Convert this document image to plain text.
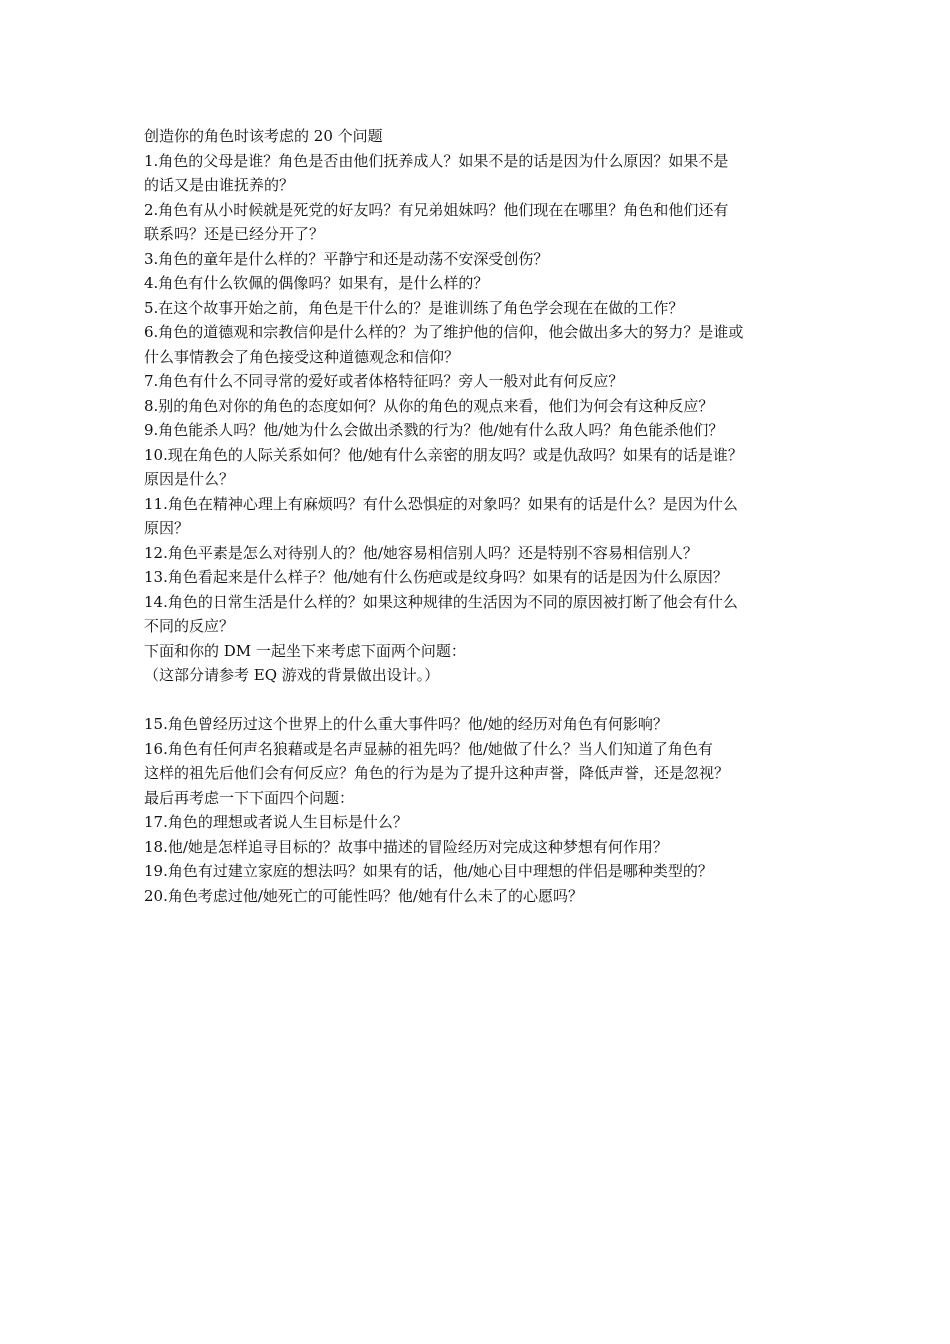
创造你的角色时该考虑的 20 个问题
1.角色的父母是谁？角色是否由他们抚养成人？如果不是的话是因为什么原因？如果不是
的话又是由谁抚养的？
2.角色有从小时候就是死党的好友吗？有兄弟姐妹吗？他们现在在哪里？角色和他们还有
联系吗？还是已经分开了？
3.角色的童年是什么样的？平静宁和还是动荡不安深受创伤？
4.角色有什么钦佩的偶像吗？如果有，是什么样的？
5.在这个故事开始之前，角色是干什么的？是谁训练了角色学会现在在做的工作？
6.角色的道德观和宗教信仰是什么样的？为了维护他的信仰，他会做出多大的努力？是谁或
什么事情教会了角色接受这种道德观念和信仰？
7.角色有什么不同寻常的爱好或者体格特征吗？旁人一般对此有何反应？
8.别的角色对你的角色的态度如何？从你的角色的观点来看，他们为何会有这种反应？
9.角色能杀人吗？他/她为什么会做出杀戮的行为？他/她有什么敌人吗？角色能杀他们？
10.现在角色的人际关系如何？他/她有什么亲密的朋友吗？或是仇敌吗？如果有的话是谁？
原因是什么？
11.角色在精神心理上有麻烦吗？有什么恐惧症的对象吗？如果有的话是什么？是因为什么
原因？
12.角色平素是怎么对待别人的？他/她容易相信别人吗？还是特别不容易相信别人？
13.角色看起来是什么样子？他/她有什么伤疤或是纹身吗？如果有的话是因为什么原因？
14.角色的日常生活是什么样的？如果这种规律的生活因为不同的原因被打断了他会有什么
不同的反应？
下面和你的 DM 一起坐下来考虑下面两个问题：
（这部分请参考 EQ 游戏的背景做出设计。）
15.角色曾经历过这个世界上的什么重大事件吗？他/她的经历对角色有何影响？
16.角色有任何声名狼藉或是名声显赫的祖先吗？他/她做了什么？当人们知道了角色有
这样的祖先后他们会有何反应？角色的行为是为了提升这种声誉，降低声誉，还是忽视？
最后再考虑一下下面四个问题：
17.角色的理想或者说人生目标是什么？
18.他/她是怎样追寻目标的？故事中描述的冒险经历对完成这种梦想有何作用？
19.角色有过建立家庭的想法吗？如果有的话，他/她心目中理想的伴侣是哪种类型的？
20.角色考虑过他/她死亡的可能性吗？他/她有什么未了的心愿吗？
